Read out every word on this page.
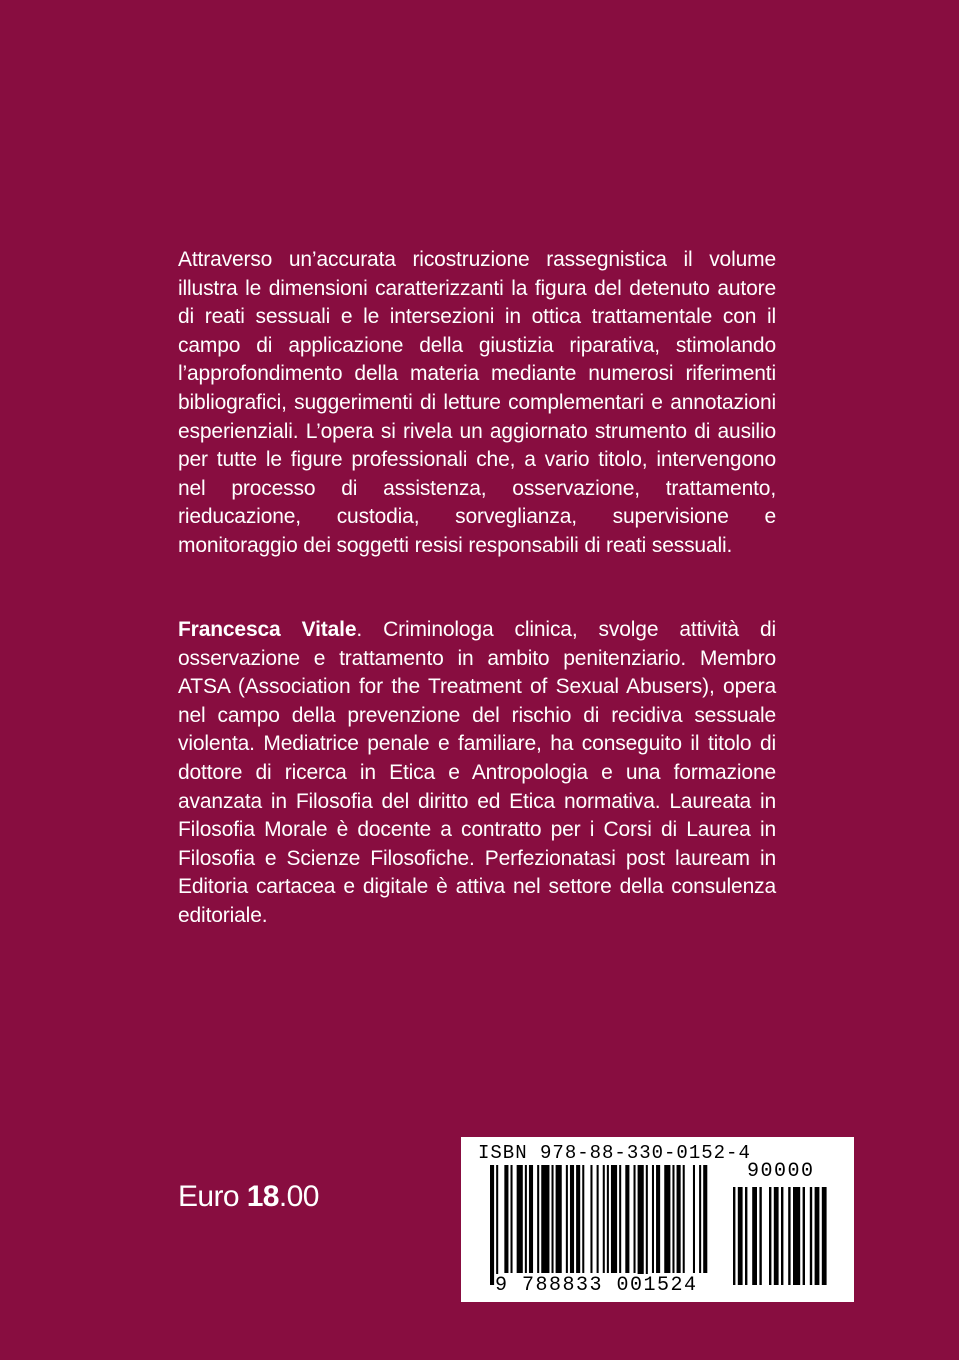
Attraverso un’accurata ricostruzione rassegnistica il volume illustra le dimensioni caratterizzanti la figura del detenuto autore di reati sessuali e le intersezioni in ottica trattamentale con il campo di applicazione della giustizia riparativa, stimolando l’approfondimento della materia mediante numerosi riferimenti bibliografici, suggerimenti di letture complementari e annotazioni esperienziali. L’opera si rivela un aggiornato strumento di ausilio per tutte le figure professionali che, a vario titolo, intervengono nel processo di assistenza, osservazione, trattamento, rieducazione, custodia, sorveglianza, supervisione e monitoraggio dei soggetti resisi responsabili di reati sessuali.
Francesca Vitale. Criminologa clinica, svolge attività di osservazione e trattamento in ambito penitenziario. Membro ATSA (Association for the Treatment of Sexual Abusers), opera nel campo della prevenzione del rischio di recidiva sessuale violenta. Mediatrice penale e familiare, ha conseguito il titolo di dottore di ricerca in Etica e Antropologia e una formazione avanzata in Filosofia del diritto ed Etica normativa. Laureata in Filosofia Morale è docente a contratto per i Corsi di Laurea in Filosofia e Scienze Filosofiche. Perfezionatasi post lauream in Editoria cartacea e digitale è attiva nel settore della consulenza editoriale.
Euro 18.00
ISBN 978-88-330-0152-4
90000
9 788833 001524
